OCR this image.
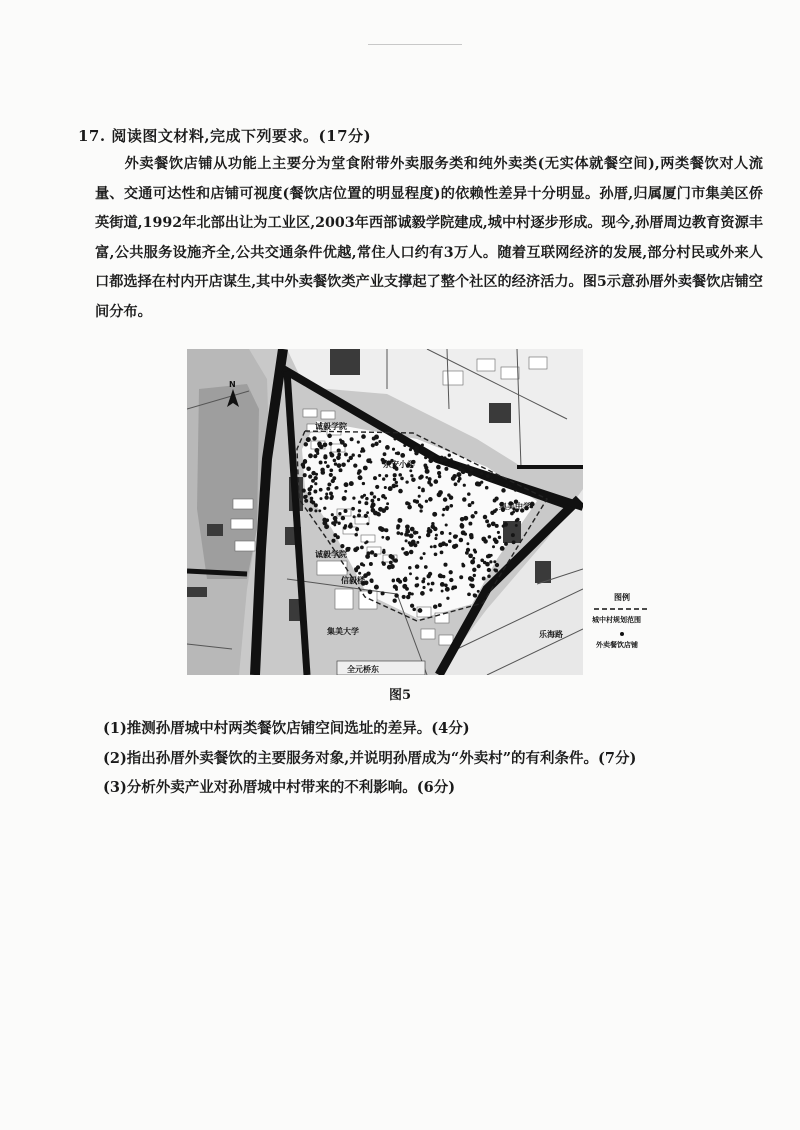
17. 阅读图文材料,完成下列要求。(17分)
外卖餐饮店铺从功能上主要分为堂食附带外卖服务类和纯外卖类(无实体就餐空间),两类餐饮对人流量、交通可达性和店铺可视度(餐饮店位置的明显程度)的依赖性差异十分明显。孙厝,归属厦门市集美区侨英街道,1992年北部出让为工业区,2003年西部诚毅学院建成,城中村逐步形成。现今,孙厝周边教育资源丰富,公共服务设施齐全,公共交通条件优越,常住人口约有3万人。随着互联网经济的发展,部分村民或外来人口都选择在村内开店谋生,其中外卖餐饮类产业支撑起了整个社区的经济活力。图5示意孙厝外卖餐饮店铺空间分布。
N
诚毅学院
东安小学
集美中学
诚毅学院
信毅楼
集美大学	乐海路
全元桥东
图例
城中村规划范围
外卖餐饮店铺
图5
(1)推测孙厝城中村两类餐饮店铺空间选址的差异。(4分)
(2)指出孙厝外卖餐饮的主要服务对象,并说明孙厝成为“外卖村”的有利条件。(7分)
(3)分析外卖产业对孙厝城中村带来的不利影响。(6分)
